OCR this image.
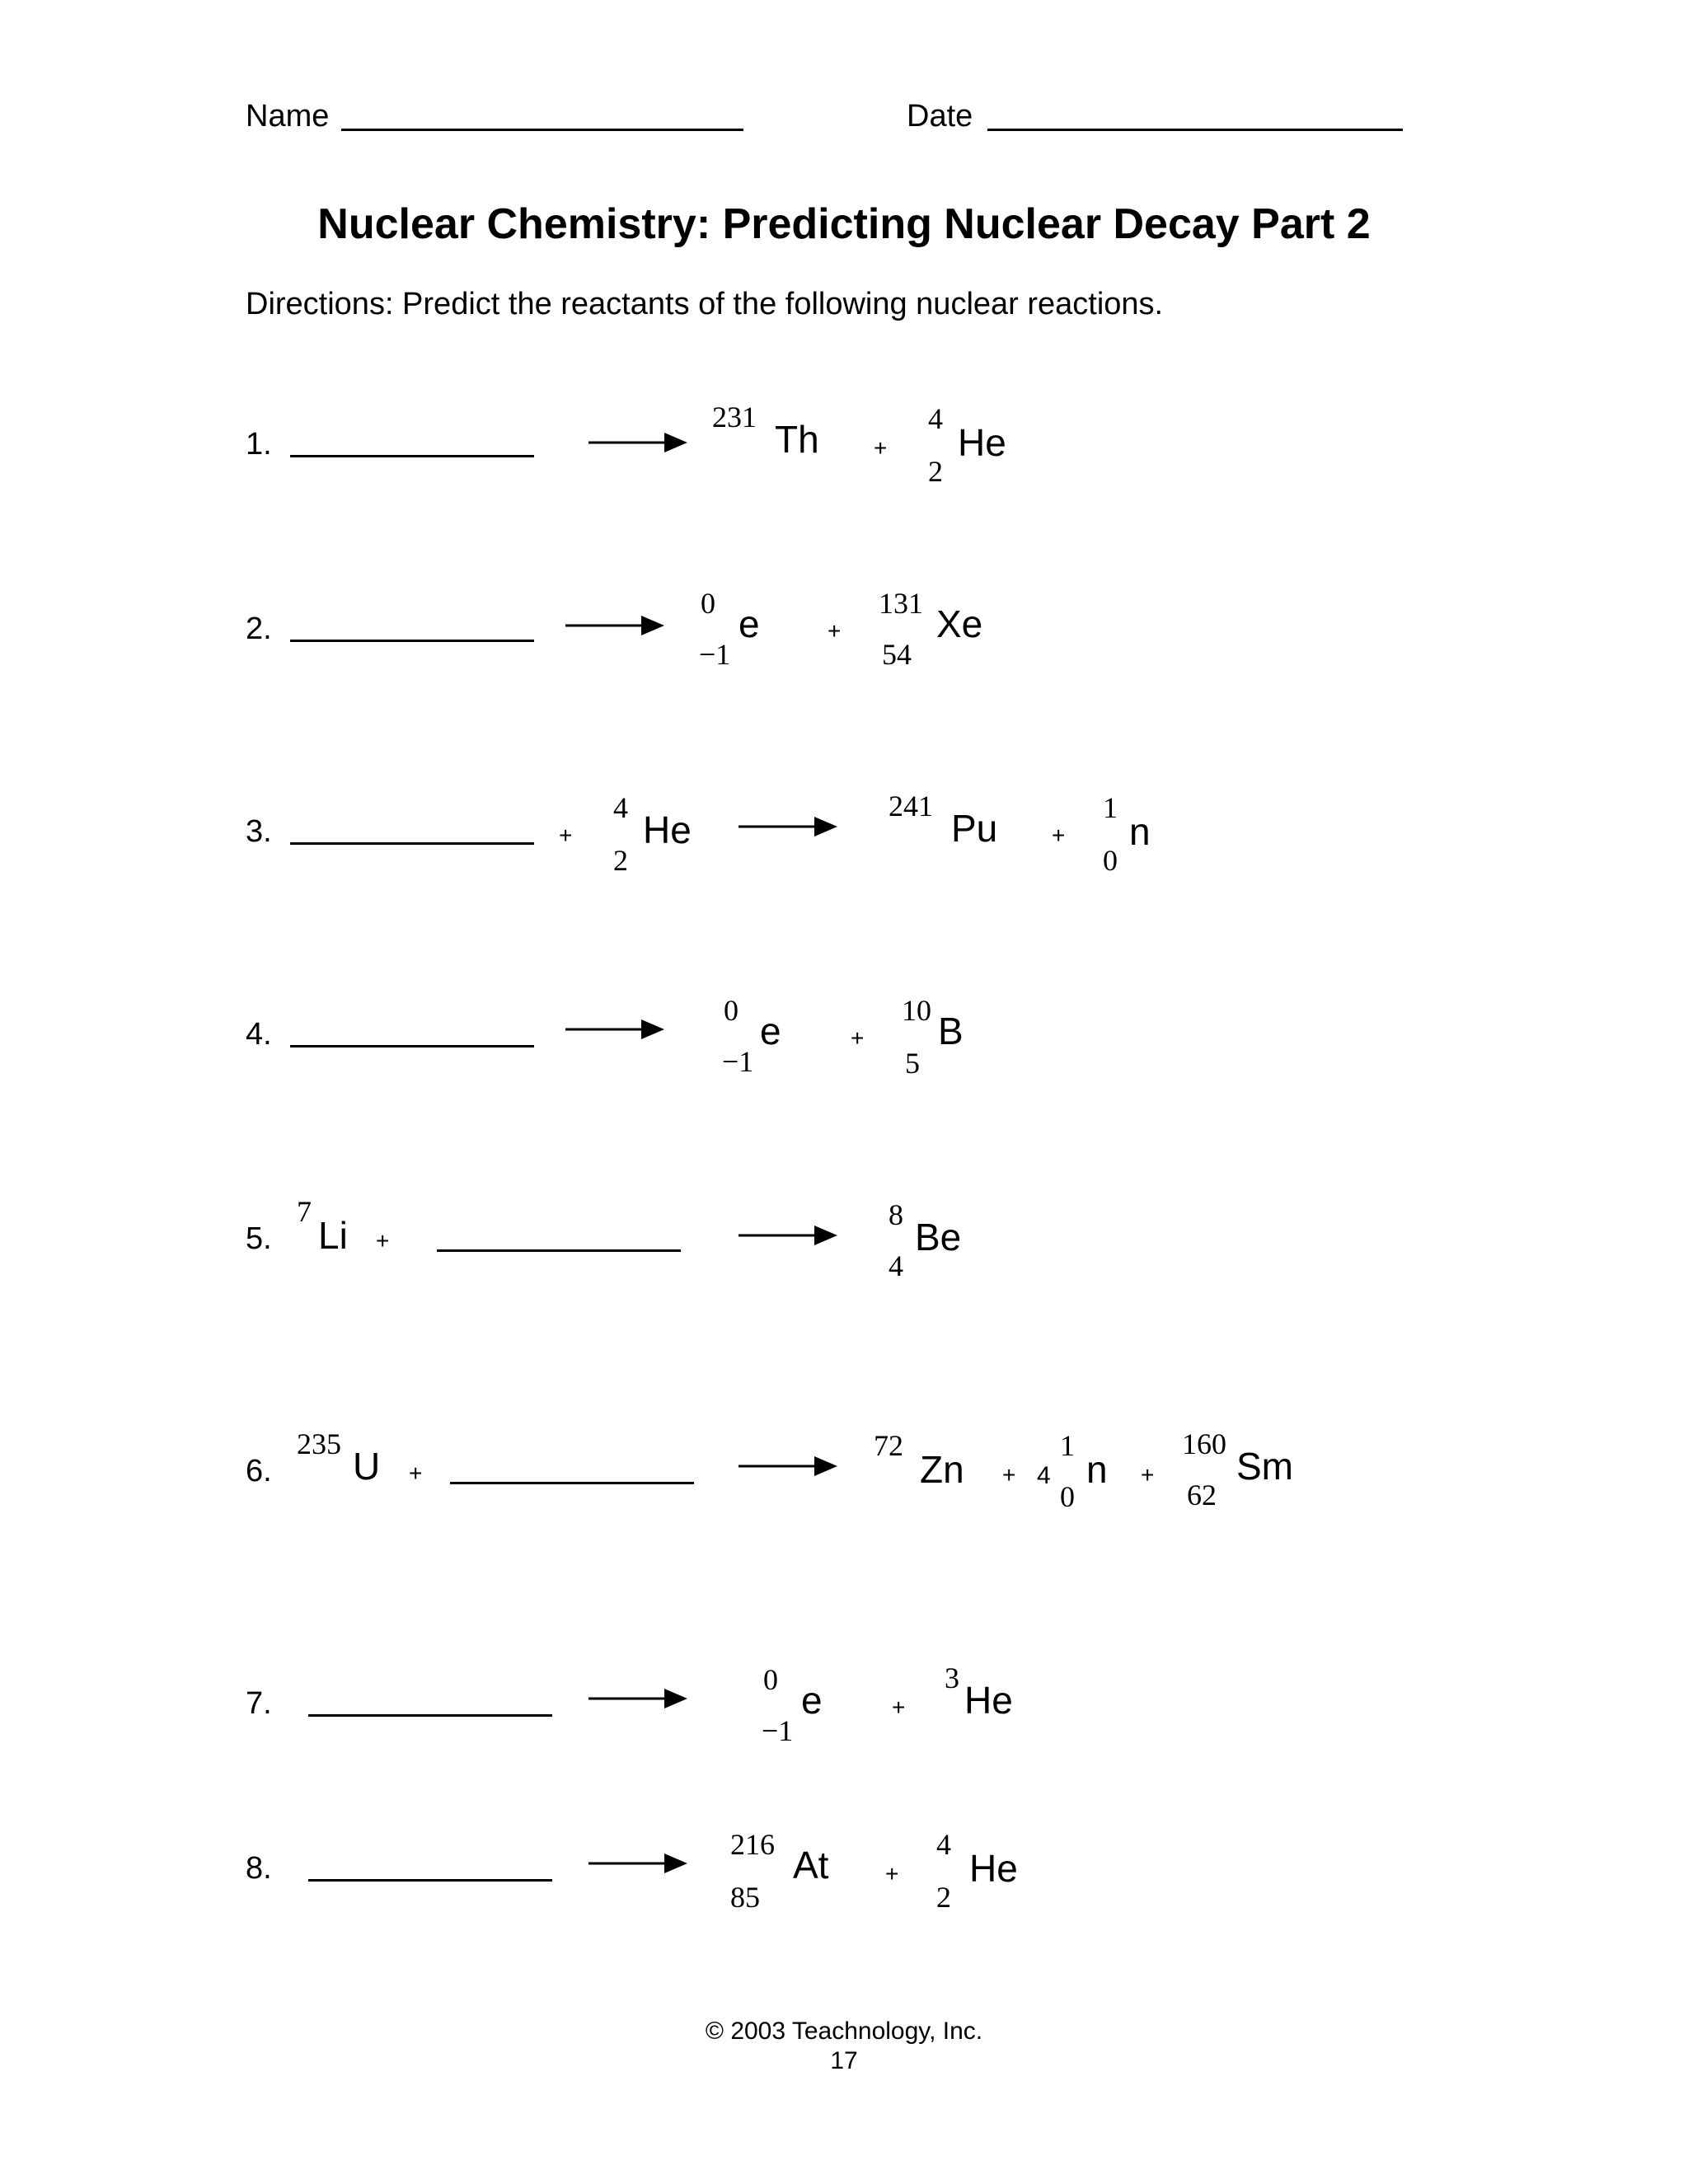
Name	Date
Nuclear Chemistry: Predicting Nuclear Decay Part 2
Directions: Predict the reactants of the following nuclear reactions.
1.
231
Th +
4
2
He
2.
0
−1
e	+
131
54
Xe
3.	+
4
2
He
241
Pu +
1
0
n
4.
0
−1
e	+
10
5
B
5.
7
Li +
8
4
Be
6.
235
U +
72
Zn + 4
1
0
n +
160
62
Sm
7.
0
−1
e	+
3
He
8.
216
85
At +
4
2
He
© 2003 Teachnology, Inc.
17
